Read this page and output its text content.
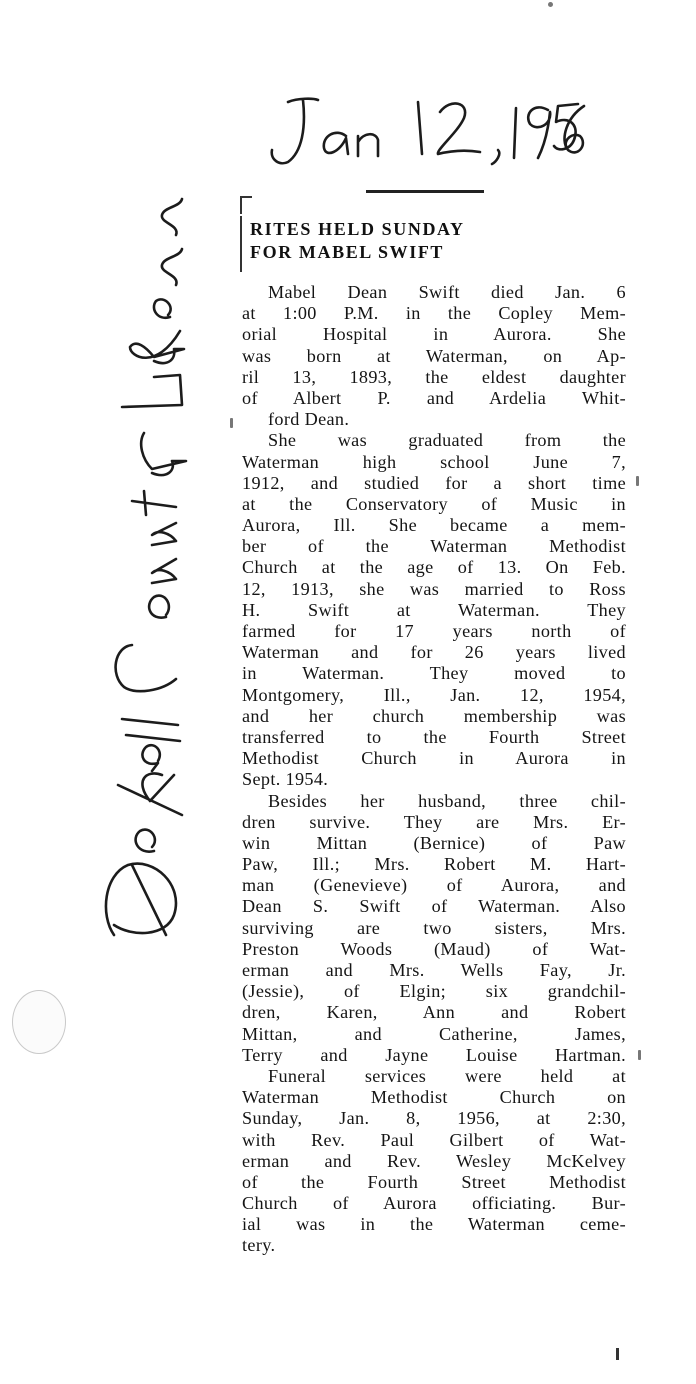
RITES HELD SUNDAY
FOR MABEL SWIFT
Mabel Dean Swift died Jan. 6
at 1:00 P.M. in the Copley Mem-
orial Hospital in Aurora. She
was born at Waterman, on Ap-
ril 13, 1893, the eldest daughter
of Albert P. and Ardelia Whit-
ford Dean.
She was graduated from the
Waterman high school June 7,
1912, and studied for a short time
at the Conservatory of Music in
Aurora, Ill. She became a mem-
ber of the Waterman Methodist
Church at the age of 13. On Feb.
12, 1913, she was married to Ross
H. Swift at Waterman. They
farmed for 17 years north of
Waterman and for 26 years lived
in Waterman. They moved to
Montgomery, Ill., Jan. 12, 1954,
and her church membership was
transferred to the Fourth Street
Methodist Church in Aurora in
Sept. 1954.
Besides her husband, three chil-
dren survive. They are Mrs. Er-
win Mittan (Bernice) of Paw
Paw, Ill.; Mrs. Robert M. Hart-
man (Genevieve) of Aurora, and
Dean S. Swift of Waterman. Also
surviving are two sisters, Mrs.
Preston Woods (Maud) of Wat-
erman and Mrs. Wells Fay, Jr.
(Jessie), of Elgin; six grandchil-
dren, Karen, Ann and Robert
Mittan, and Catherine, James,
Terry and Jayne Louise Hartman.
Funeral services were held at
Waterman Methodist Church on
Sunday, Jan. 8, 1956, at 2:30,
with Rev. Paul Gilbert of Wat-
erman and Rev. Wesley McKelvey
of the Fourth Street Methodist
Church of Aurora officiating. Bur-
ial was in the Waterman ceme-
tery.
